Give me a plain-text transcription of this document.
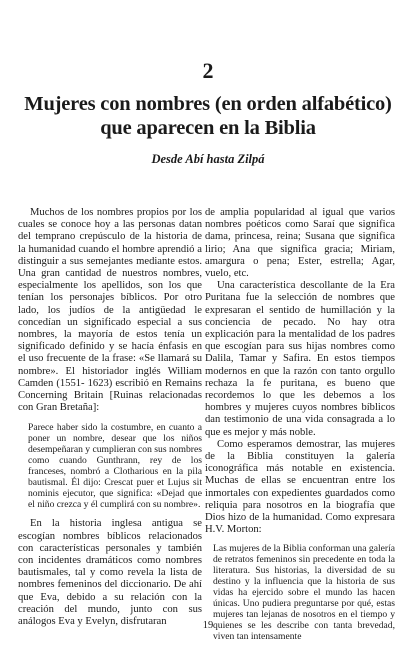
2
Mujeres con nombres (en orden alfabético)
que aparecen en la Biblia
Desde Abí hasta Zilpá

Muchos de los nombres propios por los cuales se conoce hoy a las personas datan del temprano crepúsculo de la historia de la humanidad cuando el hombre aprendió a distinguir a sus semejantes mediante estos. Una gran cantidad de nuestros nombres, especialmente los apellidos, son los que tenían los personajes bíblicos. Por otro lado, los judíos de la antigüedad le concedían un significado especial a sus nombres, la mayoría de estos tenía un significado definido y se hacía énfasis en el uso frecuente de la frase: «Se llamará su nombre». El historiador inglés William Camden (1551- 1623) escribió en Remains Concerning Britain [Ruinas relacionadas con Gran Bretaña]:

Parece haber sido la costumbre, en cuanto a poner un nombre, desear que los niños desempeñaran y cumplieran con sus nombres como cuando Gunthrann, rey de los franceses, nombró a Clotharious en la pila bautismal. Él dijo: Crescat puer et Lujus sit nominis ejecutor, que significa: «Dejad que el niño crezca y él cumplirá con su nombre».

En la historia inglesa antigua se escogían nombres bíblicos relacionados con características personales y también con incidentes dramáticos como nombres bautismales, tal y como revela la lista de nombres femeninos del diccionario. De ahí que Eva, debido a su relación con la creación del mundo, junto con sus análogos Eva y Evelyn, disfrutaran

de amplia popularidad al igual que varios nombres poéticos como Saraí que significa dama, princesa, reina; Susana que significa lirio; Ana que significa gracia; Miriam, amargura o pena; Ester, estrella; Agar, vuelo, etc.

Una característica descollante de la Era Puritana fue la selección de nombres que expresaran el sentido de humillación y la conciencia de pecado. No hay otra explicación para la mentalidad de los padres que escogían para sus hijas nombres como Dalila, Tamar y Safira. En estos tiempos modernos en que la razón con tanto orgullo rechaza la fe puritana, es bueno que recordemos lo que les debemos a los hombres y mujeres cuyos nombres bíblicos dan testimonio de una vida consagrada a lo que es mejor y más noble.

Como esperamos demostrar, las mujeres de la Biblia constituyen la galería iconográfica más notable en existencia. Muchas de ellas se encuentran entre los inmortales con expedientes guardados como reliquia para nosotros en la biografía que Dios hizo de la humanidad. Como expresara H.V. Morton:

Las mujeres de la Biblia conforman una galería de retratos femeninos sin precedente en toda la literatura. Sus historias, la diversidad de su destino y la influencia que la historia de sus vidas ha ejercido sobre el mundo las hacen únicas. Uno pudiera preguntarse por qué, estas mujeres tan lejanas de nosotros en el tiempo y quienes se les describe con tanta brevedad, viven tan intensamente
19
